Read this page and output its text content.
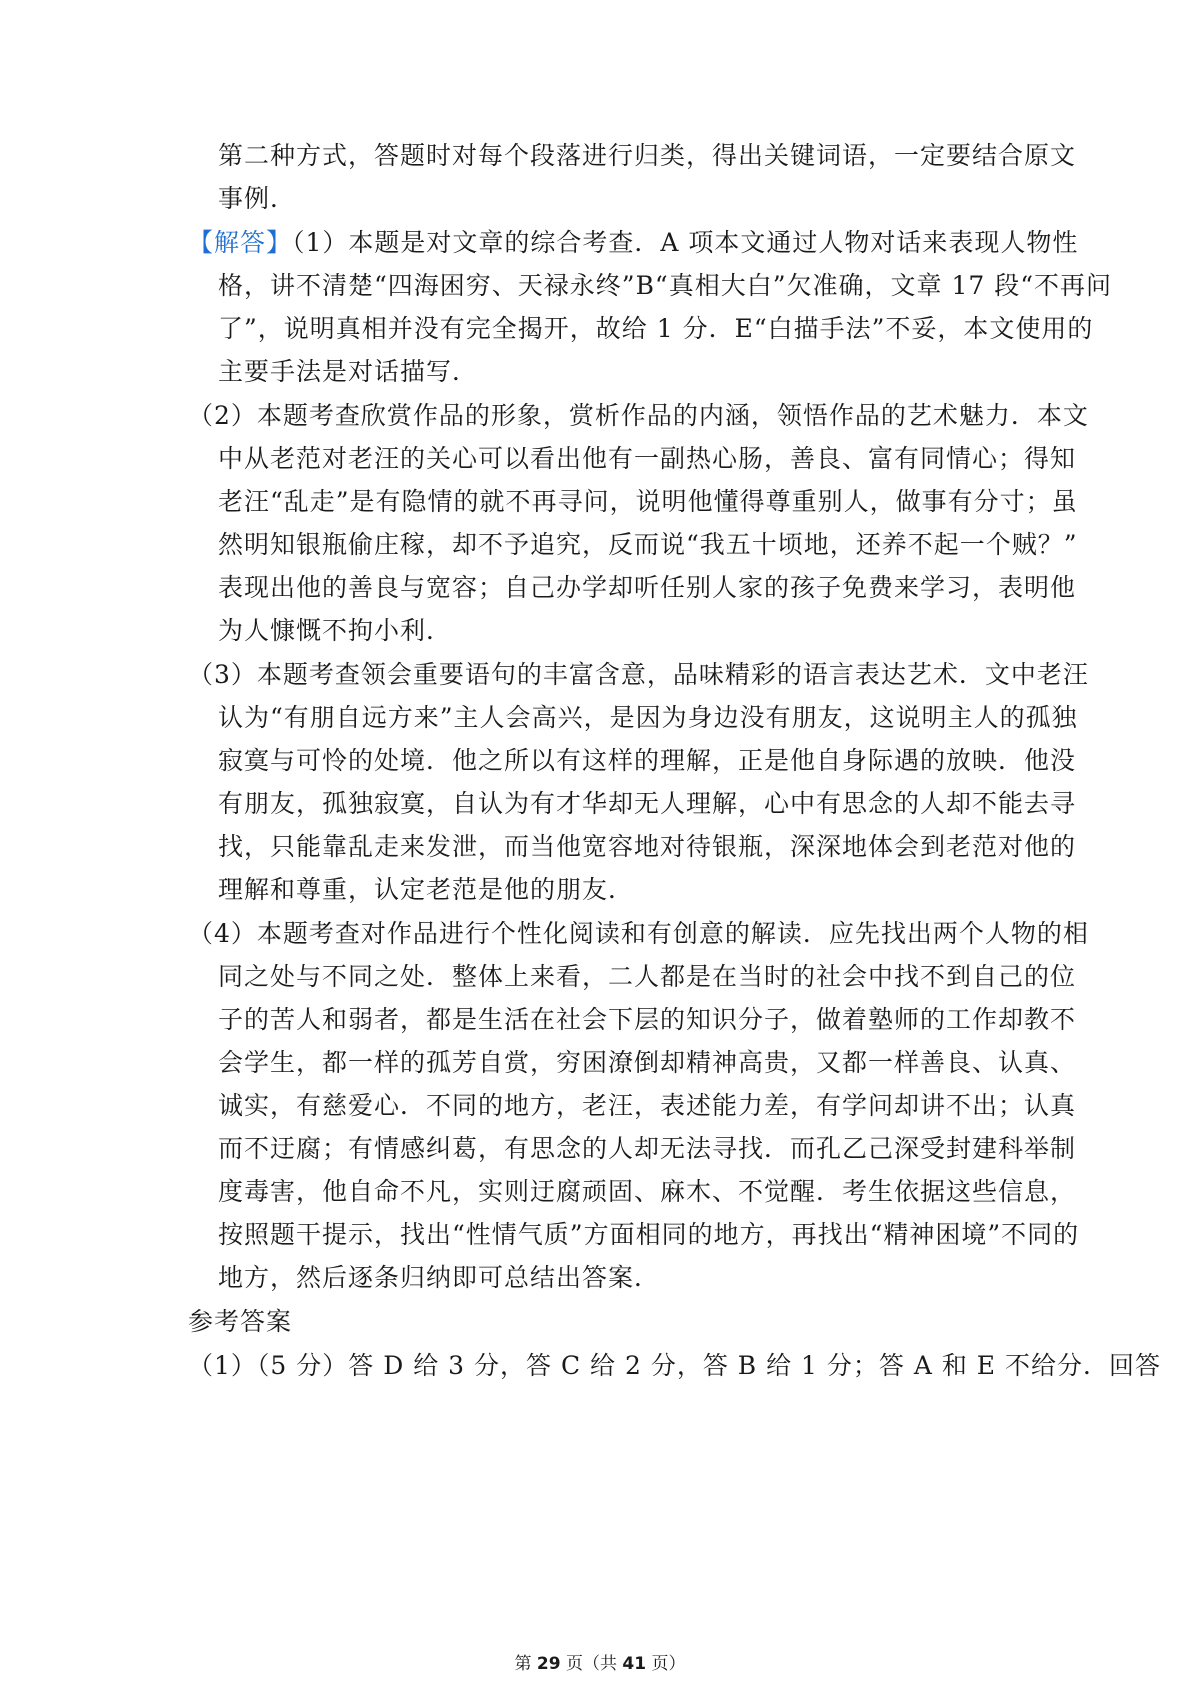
第二种方式，答题时对每个段落进行归类，得出关键词语，一定要结合原文
事例．
【解答】（1）本题是对文章的综合考查．A 项本文通过人物对话来表现人物性
格，讲不清楚“四海困穷、天禄永终”B“真相大白”欠准确，文章 17 段“不再问
了”，说明真相并没有完全揭开，故给 1 分．E“白描手法”不妥，本文使用的
主要手法是对话描写．
（2）本题考查欣赏作品的形象，赏析作品的内涵，领悟作品的艺术魅力．本文
中从老范对老汪的关心可以看出他有一副热心肠，善良、富有同情心；得知
老汪“乱走”是有隐情的就不再寻问，说明他懂得尊重别人，做事有分寸；虽
然明知银瓶偷庄稼，却不予追究，反而说“我五十顷地，还养不起一个贼？”
表现出他的善良与宽容；自己办学却听任别人家的孩子免费来学习，表明他
为人慷慨不拘小利．
（3）本题考查领会重要语句的丰富含意，品味精彩的语言表达艺术．文中老汪
认为“有朋自远方来”主人会高兴，是因为身边没有朋友，这说明主人的孤独
寂寞与可怜的处境．他之所以有这样的理解，正是他自身际遇的放映．他没
有朋友，孤独寂寞，自认为有才华却无人理解，心中有思念的人却不能去寻
找，只能靠乱走来发泄，而当他宽容地对待银瓶，深深地体会到老范对他的
理解和尊重，认定老范是他的朋友．
（4）本题考查对作品进行个性化阅读和有创意的解读．应先找出两个人物的相
同之处与不同之处．整体上来看，二人都是在当时的社会中找不到自己的位
子的苦人和弱者，都是生活在社会下层的知识分子，做着塾师的工作却教不
会学生，都一样的孤芳自赏，穷困潦倒却精神高贵，又都一样善良、认真、
诚实，有慈爱心．不同的地方，老汪，表述能力差，有学问却讲不出；认真
而不迂腐；有情感纠葛，有思念的人却无法寻找．而孔乙己深受封建科举制
度毒害，他自命不凡，实则迂腐顽固、麻木、不觉醒．考生依据这些信息，
按照题干提示，找出“性情气质”方面相同的地方，再找出“精神困境”不同的
地方，然后逐条归纳即可总结出答案．
参考答案
（1）（5 分）答 D 给 3 分，答 C 给 2 分，答 B 给 1 分；答 A 和 E 不给分．回答
第 29 页（共 41 页）
